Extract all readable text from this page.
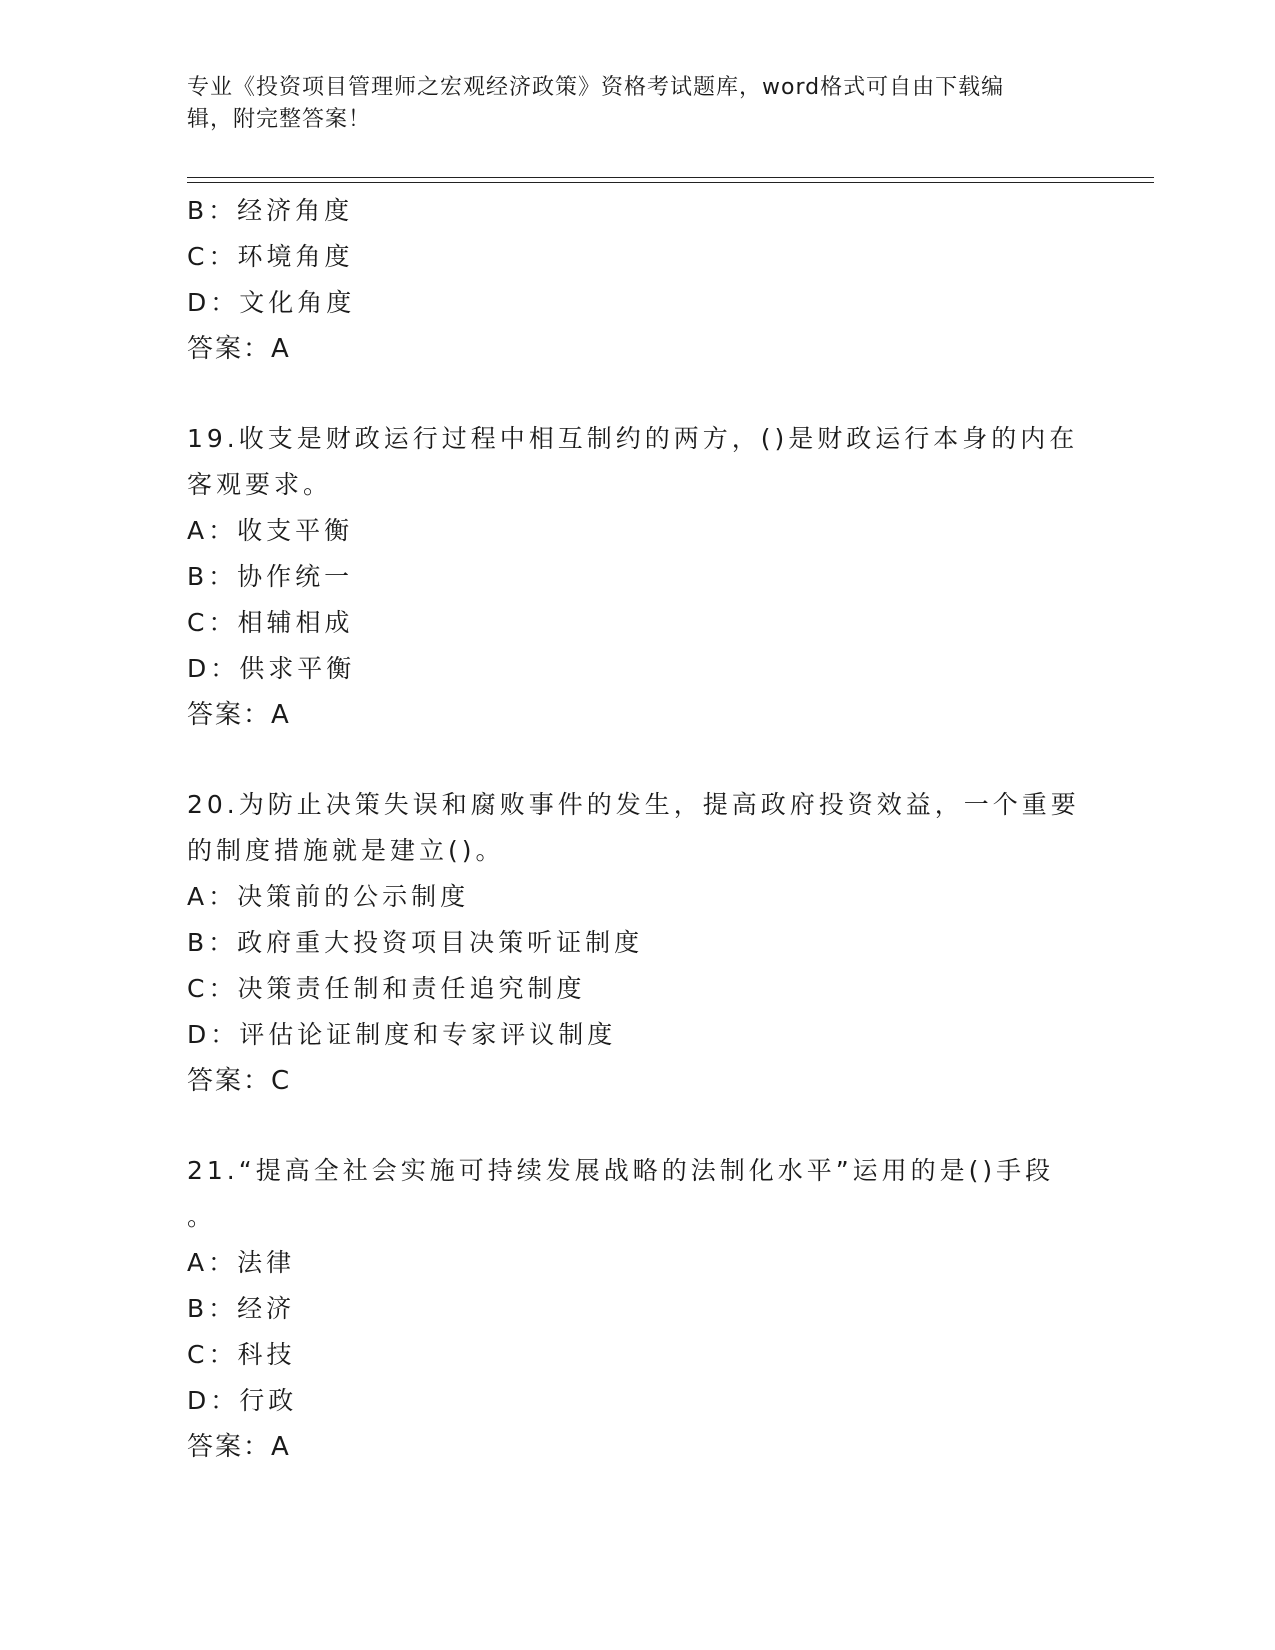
专业《投资项目管理师之宏观经济政策》资格考试题库，word格式可自由下载编
辑，附完整答案！
B：经济角度
C：环境角度
D：文化角度
答案：A
19.收支是财政运行过程中相互制约的两方，()是财政运行本身的内在
客观要求。
A：收支平衡
B：协作统一
C：相辅相成
D：供求平衡
答案：A
20.为防止决策失误和腐败事件的发生，提高政府投资效益，一个重要
的制度措施就是建立()。
A：决策前的公示制度
B：政府重大投资项目决策听证制度
C：决策责任制和责任追究制度
D：评估论证制度和专家评议制度
答案：C
21.“提高全社会实施可持续发展战略的法制化水平”运用的是()手段
。
A：法律
B：经济
C：科技
D：行政
答案：A
